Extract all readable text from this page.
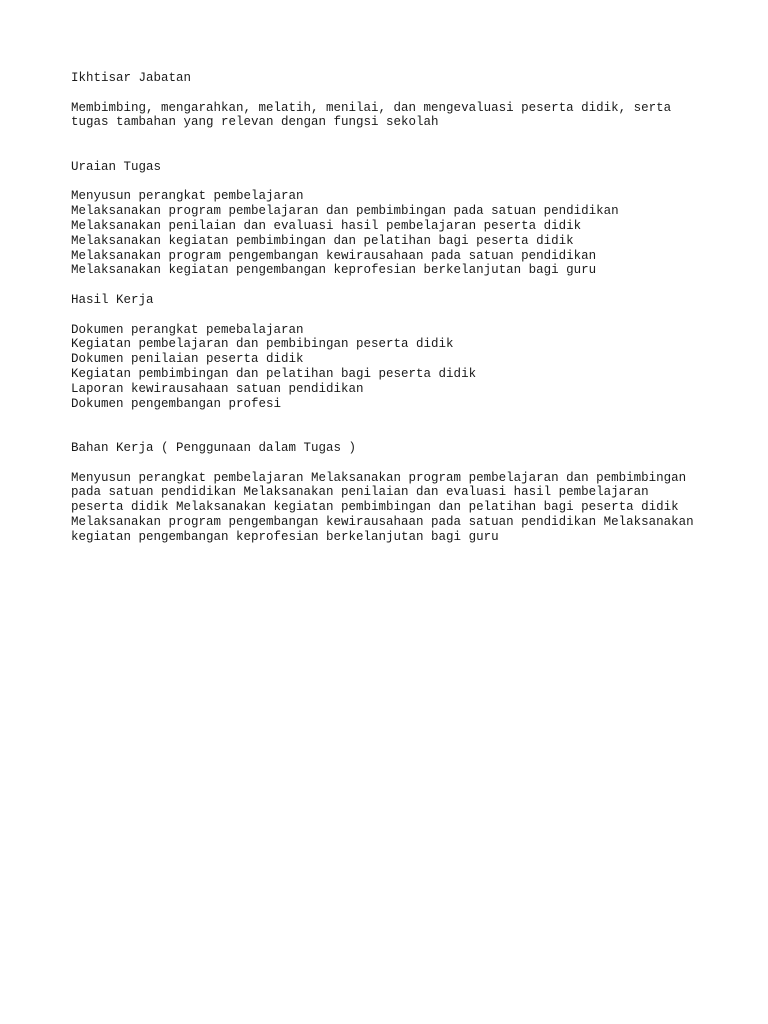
Ikhtisar Jabatan
Membimbing, mengarahkan, melatih, menilai, dan mengevaluasi peserta didik, serta
tugas tambahan yang relevan dengan fungsi sekolah
Uraian Tugas
Menyusun perangkat pembelajaran
Melaksanakan program pembelajaran dan pembimbingan pada satuan pendidikan
Melaksanakan penilaian dan evaluasi hasil pembelajaran peserta didik
Melaksanakan kegiatan pembimbingan dan pelatihan bagi peserta didik
Melaksanakan program pengembangan kewirausahaan pada satuan pendidikan
Melaksanakan kegiatan pengembangan keprofesian berkelanjutan bagi guru
Hasil Kerja
Dokumen perangkat pemebalajaran
Kegiatan pembelajaran dan pembibingan peserta didik
Dokumen penilaian peserta didik
Kegiatan pembimbingan dan pelatihan bagi peserta didik
Laporan kewirausahaan satuan pendidikan
Dokumen pengembangan profesi
Bahan Kerja ( Penggunaan dalam Tugas )
Menyusun perangkat pembelajaran Melaksanakan program pembelajaran dan pembimbingan
pada satuan pendidikan Melaksanakan penilaian dan evaluasi hasil pembelajaran
peserta didik Melaksanakan kegiatan pembimbingan dan pelatihan bagi peserta didik
Melaksanakan program pengembangan kewirausahaan pada satuan pendidikan Melaksanakan
kegiatan pengembangan keprofesian berkelanjutan bagi guru
